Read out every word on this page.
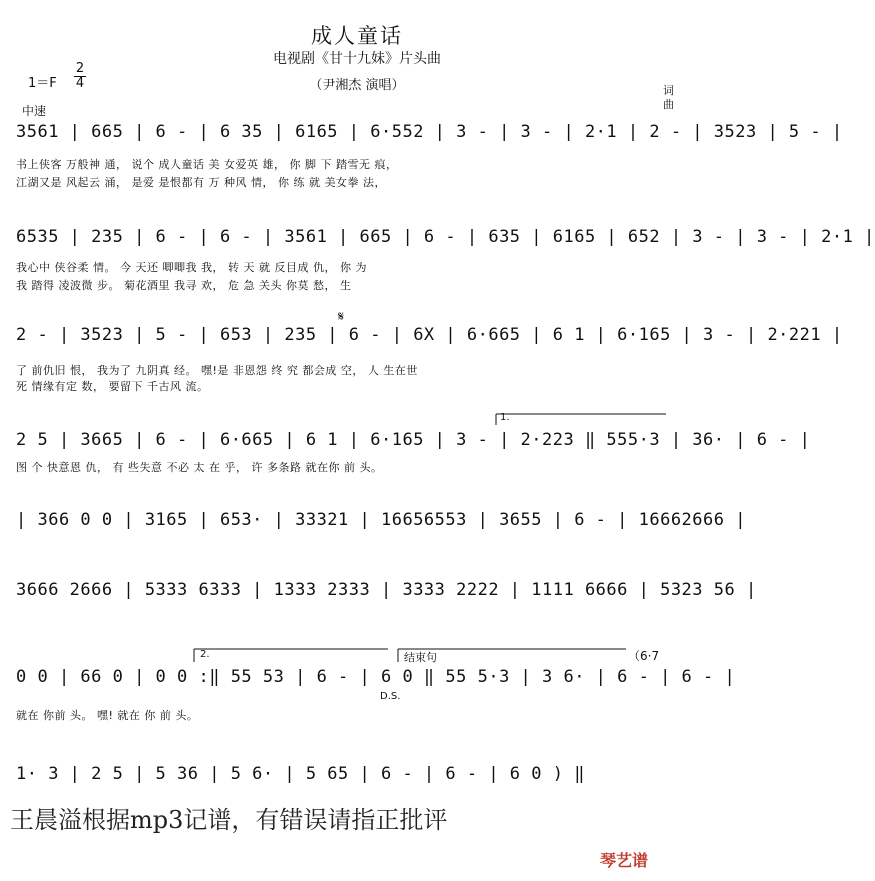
成人童话
电视剧《甘十九妹》片头曲
（尹湘杰 演唱）
1＝F
2
4
中速
词
曲
3561 | 665 | 6 - | 6 35 | 6165 | 6·552 | 3 - | 3 - | 2·1 | 2 - | 3523 | 5 - |
书上侠客 万般神 通， 说个 成人童话 美 女爱英 雄， 你 脚 下 踏雪无 痕，
江湖又是 风起云 涌， 是爱 是恨都有 万 种风 情， 你 练 就 美女拳 法，
6535 | 235 | 6 - | 6 - | 3561 | 665 | 6 - | 635 | 6165 | 652 | 3 - | 3 - | 2·1 |
我心中 侠谷柔 情。 今 天还 唧唧我 我， 转 天 就 反目成 仇， 你 为
我 踏得 凌波微 步。 菊花酒里 我寻 欢， 危 急 关头 你莫 愁， 生
𝄋
2 - | 3523 | 5 - | 653 | 235 | 6 - | 6X | 6·665 | 6 1 | 6·165 | 3 - | 2·221 |
了 前仇旧 恨， 我为了 九阴真 经。 嘿!是 非恩怨 终 究 都会成 空， 人 生在世
死 情缘有定 数， 要留下 千古风 流。
1.
2 5 | 3665 | 6 - | 6·665 | 6 1 | 6·165 | 3 - | 2·223 ‖ 555·3 | 36· | 6 - |
图 个 快意恩 仇， 有 些失意 不必 太 在 乎， 许 多条路 就在你 前 头。
| 366 0 0 | 3165 | 653· | 33321 | 16656553 | 3655 | 6 - | 16662666 |
3666 2666 | 5333 6333 | 1333 2333 | 3333 2222 | 1111 6666 | 5323 56 |
2.	结束句	（6·7
0 0 | 66 0 | 0 0 :‖ 55 53 | 6 - | 6 0 ‖ 55 5·3 | 3 6· | 6 - | 6 - |
D.S.
就在 你前 头。 嘿! 就在 你 前 头。
1· 3 | 2 5 | 5 36 | 5 6· | 5 65 | 6 - | 6 - | 6 0 ) ‖
王晨溢根据mp3记谱，有错误请指正批评
琴艺谱
